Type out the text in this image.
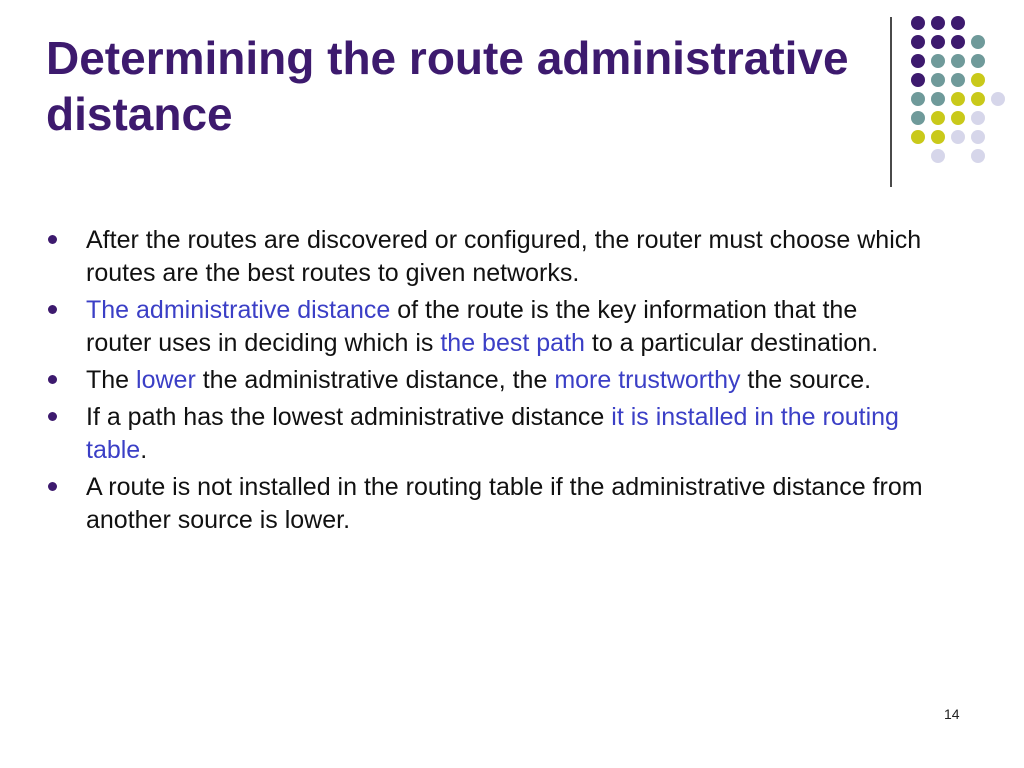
Determining the route administrative distance
After the routes are discovered or configured, the router must choose which routes are the best routes to given networks.
The administrative distance of the route is the key information that the router uses in deciding which is the best path to a particular destination.
The lower the administrative distance, the more trustworthy the source.
If a path has the lowest administrative distance it is installed in the routing table.
A route is not installed in the routing table if the administrative distance from another source is lower.
14
